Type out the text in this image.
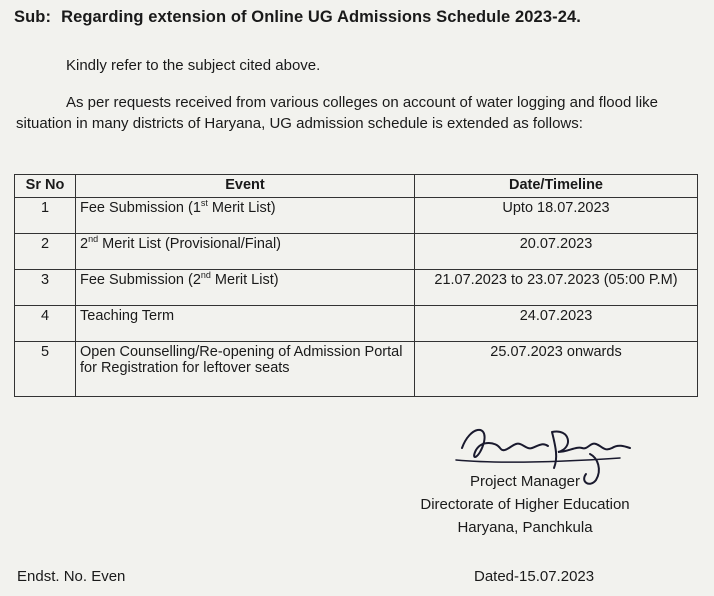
Sub: Regarding extension of Online UG Admissions Schedule 2023-24.
Kindly refer to the subject cited above.
As per requests received from various colleges on account of water logging and flood like situation in many districts of Haryana, UG admission schedule is extended as follows:
Sr No	Event	Date/Timeline
1	Fee Submission (1st Merit List)	Upto 18.07.2023
2	2nd Merit List (Provisional/Final)	20.07.2023
3	Fee Submission (2nd Merit List)	21.07.2023 to 23.07.2023 (05:00 P.M)
4	Teaching Term	24.07.2023
5	Open Counselling/Re-opening of Admission Portal for Registration for leftover seats	25.07.2023 onwards
Project Manager
Directorate of Higher Education
Haryana, Panchkula
Endst. No. Even	Dated-15.07.2023
